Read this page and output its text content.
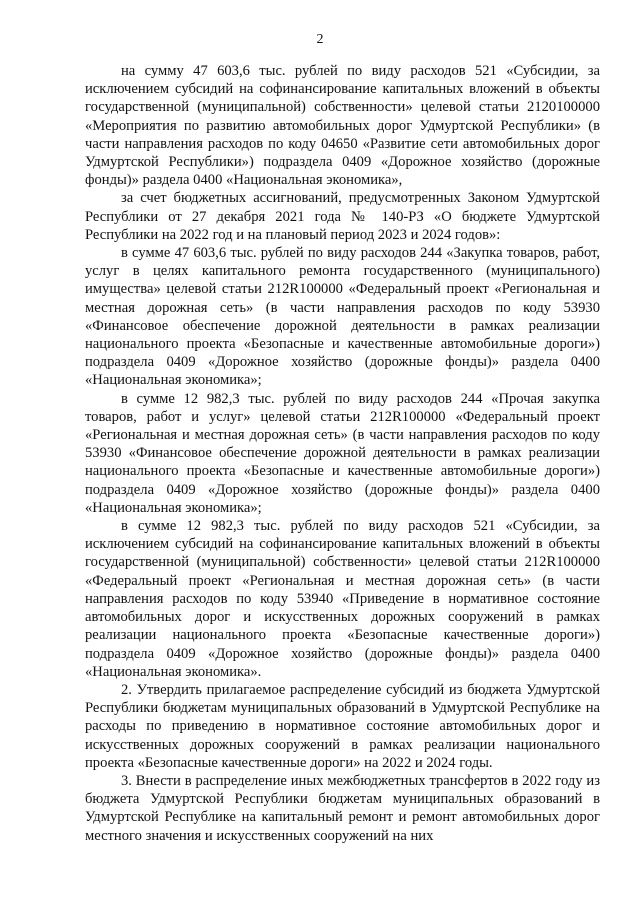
2

на сумму 47 603,6 тыс. рублей по виду расходов 521 «Субсидии, за исключением субсидий на софинансирование капитальных вложений в объекты государственной (муниципальной) собственности» целевой статьи 2120100000 «Мероприятия по развитию автомобильных дорог Удмуртской Республики» (в части направления расходов по коду 04650 «Развитие сети автомобильных дорог Удмуртской Республики») подраздела 0409 «Дорожное хозяйство (дорожные фонды)» раздела 0400 «Национальная экономика»,

за счет бюджетных ассигнований, предусмотренных Законом Удмуртской Республики от 27 декабря 2021 года № 140-РЗ «О бюджете Удмуртской Республики на 2022 год и на плановый период 2023 и 2024 годов»:

в сумме 47 603,6 тыс. рублей по виду расходов 244 «Закупка товаров, работ, услуг в целях капитального ремонта государственного (муниципального) имущества» целевой статьи 212R100000 «Федеральный проект «Региональная и местная дорожная сеть» (в части направления расходов по коду 53930 «Финансовое обеспечение дорожной деятельности в рамках реализации национального проекта «Безопасные и качественные автомобильные дороги») подраздела 0409 «Дорожное хозяйство (дорожные фонды)» раздела 0400 «Национальная экономика»;

в сумме 12 982,3 тыс. рублей по виду расходов 244 «Прочая закупка товаров, работ и услуг» целевой статьи 212R100000 «Федеральный проект «Региональная и местная дорожная сеть» (в части направления расходов по коду 53930 «Финансовое обеспечение дорожной деятельности в рамках реализации национального проекта «Безопасные и качественные автомобильные дороги») подраздела 0409 «Дорожное хозяйство (дорожные фонды)» раздела 0400 «Национальная экономика»;

в сумме 12 982,3 тыс. рублей по виду расходов 521 «Субсидии, за исключением субсидий на софинансирование капитальных вложений в объекты государственной (муниципальной) собственности» целевой статьи 212R100000 «Федеральный проект «Региональная и местная дорожная сеть» (в части направления расходов по коду 53940 «Приведение в нормативное состояние автомобильных дорог и искусственных дорожных сооружений в рамках реализации национального проекта «Безопасные качественные дороги») подраздела 0409 «Дорожное хозяйство (дорожные фонды)» раздела 0400 «Национальная экономика».

2. Утвердить прилагаемое распределение субсидий из бюджета Удмуртской Республики бюджетам муниципальных образований в Удмуртской Республике на расходы по приведению в нормативное состояние автомобильных дорог и искусственных дорожных сооружений в рамках реализации национального проекта «Безопасные качественные дороги» на 2022 и 2024 годы.

3. Внести в распределение иных межбюджетных трансфертов в 2022 году из бюджета Удмуртской Республики бюджетам муниципальных образований в Удмуртской Республике на капитальный ремонт и ремонт автомобильных дорог местного значения и искусственных сооружений на них
